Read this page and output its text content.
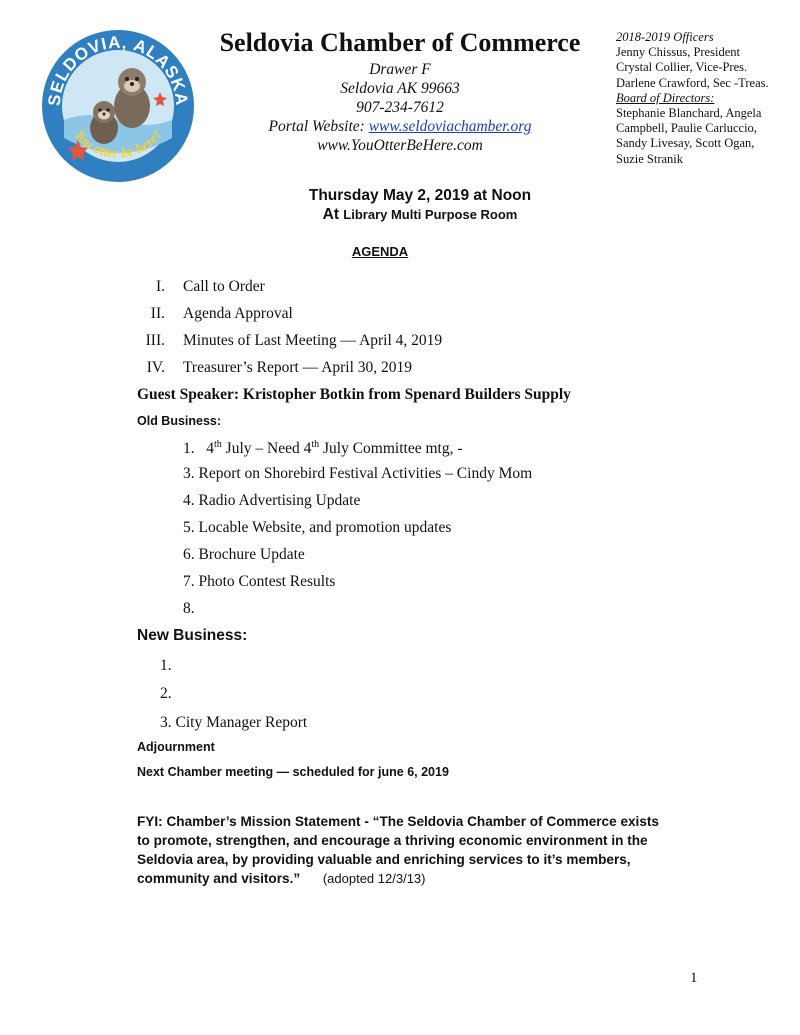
SELDOVIA, ALASKA
You otter be here!
Seldovia Chamber of Commerce
Drawer F
Seldovia AK 99663
907-234-7612
Portal Website: www.seldoviachamber.org
www.YouOtterBeHere.com
2018-2019 Officers
Jenny Chissus, President
Crystal Collier, Vice-Pres.
Darlene Crawford, Sec -Treas.
Board of Directors:
Stephanie Blanchard, Angela
Campbell, Paulie Carluccio,
Sandy Livesay, Scott Ogan,
Suzie Stranik
Thursday May 2, 2019 at Noon
At Library Multi Purpose Room
AGENDA
I. Call to Order
II. Agenda Approval
III. Minutes of Last Meeting — April 4, 2019
IV. Treasurer’s Report — April 30, 2019
Guest Speaker: Kristopher Botkin from Spenard Builders Supply
Old Business:
1. 4th July – Need 4th July Committee mtg, -
3. Report on Shorebird Festival Activities – Cindy Mom
4. Radio Advertising Update
5. Locable Website, and promotion updates
6. Brochure Update
7. Photo Contest Results
8.
New Business:
1.
2.
3. City Manager Report
Adjournment
Next Chamber meeting — scheduled for june 6, 2019
FYI: Chamber’s Mission Statement - “The Seldovia Chamber of Commerce exists
to promote, strengthen, and encourage a thriving economic environment in the
Seldovia area, by providing valuable and enriching services to it’s members,
community and visitors.” (adopted 12/3/13)
1
